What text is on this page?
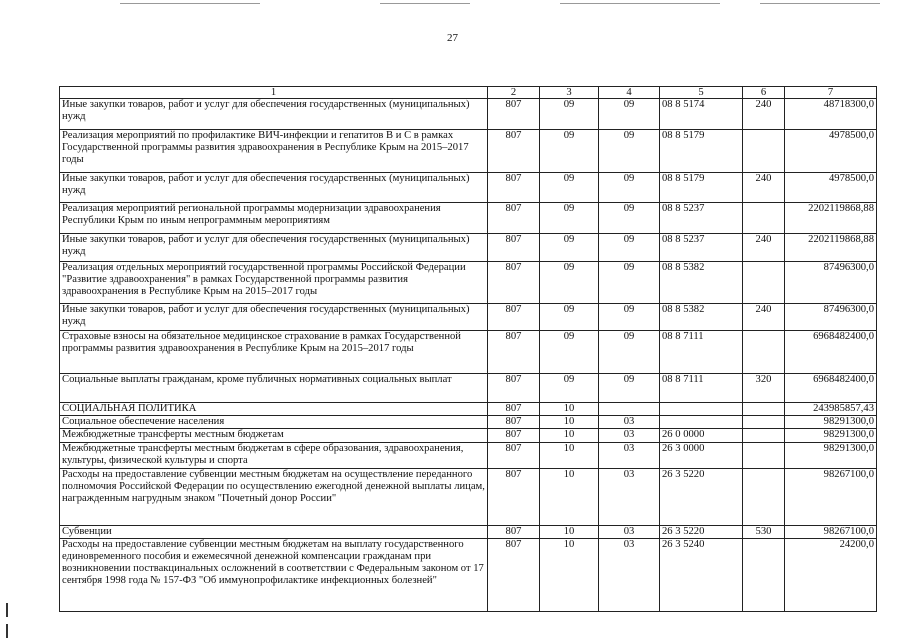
27
1	2	3	4	5	6	7
Иные закупки товаров, работ и услуг для обеспечения государственных (муниципальных) нужд	807	09	09	08 8 5174	240	48718300,0
Реализация мероприятий по профилактике ВИЧ-инфекции и гепатитов В и С в рамках Государственной программы развития здравоохранения в Республике Крым на 2015–2017 годы	807	09	09	08 8 5179		4978500,0
Иные закупки товаров, работ и услуг для обеспечения государственных (муниципальных) нужд	807	09	09	08 8 5179	240	4978500,0
Реализация мероприятий региональной программы модернизации здравоохранения Республики Крым по иным непрограммным мероприятиям	807	09	09	08 8 5237		2202119868,88
Иные закупки товаров, работ и услуг для обеспечения государственных (муниципальных) нужд	807	09	09	08 8 5237	240	2202119868,88
Реализация отдельных мероприятий государственной программы Российской Федерации "Развитие здравоохранения" в рамках Государственной программы развития здравоохранения в Республике Крым на 2015–2017 годы	807	09	09	08 8 5382		87496300,0
Иные закупки товаров, работ и услуг для обеспечения государственных (муниципальных) нужд	807	09	09	08 8 5382	240	87496300,0
Страховые взносы на обязательное медицинское страхование в рамках Государственной программы развития здравоохранения в Республике Крым на 2015–2017 годы	807	09	09	08 8 7111		6968482400,0
Социальные выплаты гражданам, кроме публичных нормативных социальных выплат	807	09	09	08 8 7111	320	6968482400,0
СОЦИАЛЬНАЯ ПОЛИТИКА	807	10				243985857,43
Социальное обеспечение населения	807	10	03			98291300,0
Межбюджетные трансферты местным бюджетам	807	10	03	26 0 0000		98291300,0
Межбюджетные трансферты местным бюджетам в сфере образования, здравоохранения, культуры, физической культуры и спорта	807	10	03	26 3 0000		98291300,0
Расходы на предоставление субвенции местным бюджетам на осуществление переданного полномочия Российской Федерации по осуществлению ежегодной денежной выплаты лицам, награжденным нагрудным знаком "Почетный донор России"	807	10	03	26 3 5220		98267100,0
Субвенции	807	10	03	26 3 5220	530	98267100,0
Расходы на предоставление субвенции местным бюджетам на выплату государственного единовременного пособия и ежемесячной денежной компенсации гражданам при возникновении поствакцинальных осложнений в соответствии с Федеральным законом от 17 сентября 1998 года № 157-ФЗ "Об иммунопрофилактике инфекционных болезней"	807	10	03	26 3 5240		24200,0
